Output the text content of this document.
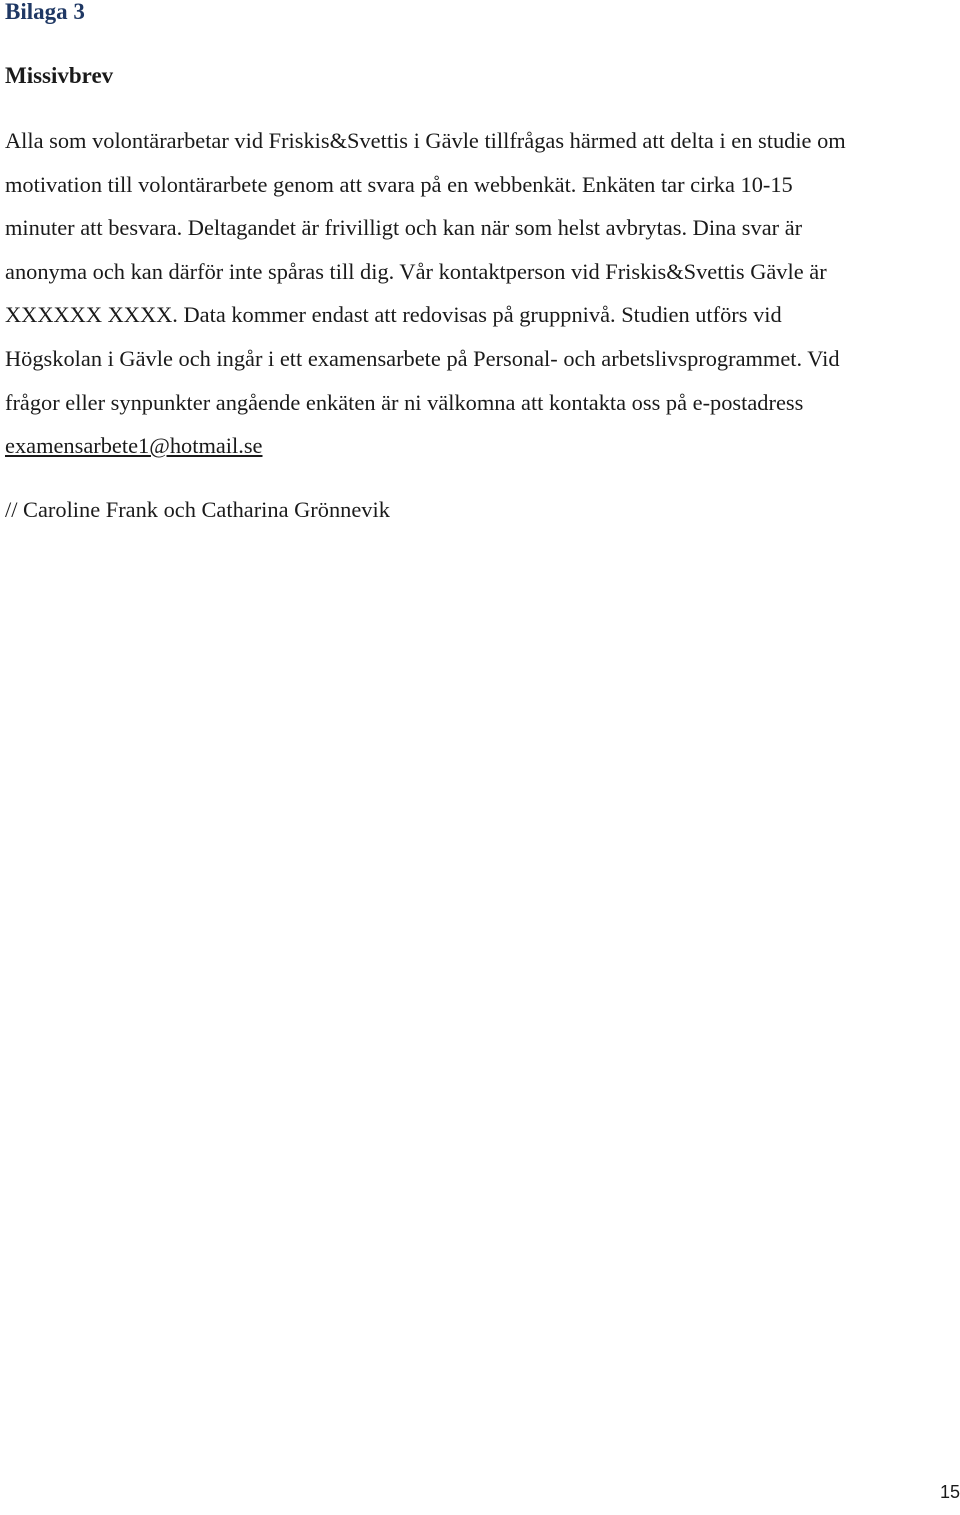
Bilaga 3
Missivbrev
Alla som volontärarbetar vid Friskis&Svettis i Gävle tillfrågas härmed att delta i en studie om
motivation till volontärarbete genom att svara på en webbenkät. Enkäten tar cirka 10-15
minuter att besvara. Deltagandet är frivilligt och kan när som helst avbrytas. Dina svar är
anonyma och kan därför inte spåras till dig. Vår kontaktperson vid Friskis&Svettis Gävle är
XXXXXX XXXX. Data kommer endast att redovisas på gruppnivå. Studien utförs vid
Högskolan i Gävle och ingår i ett examensarbete på Personal- och arbetslivsprogrammet. Vid
frågor eller synpunkter angående enkäten är ni välkomna att kontakta oss på e-postadress
examensarbete1@hotmail.se

// Caroline Frank och Catharina Grönnevik

15
